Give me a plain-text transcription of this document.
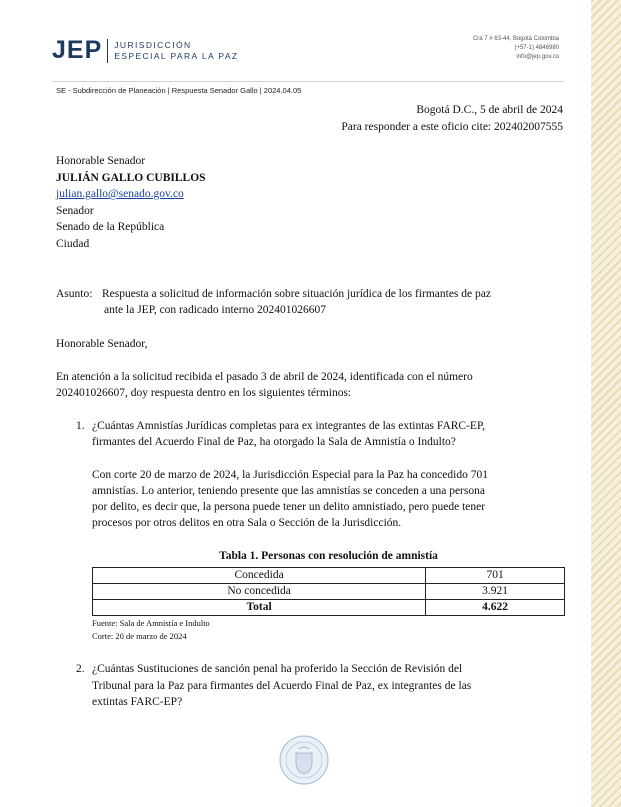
JEP JURISDICCIÓN
ESPECIAL PARA LA PAZ
Cra 7 # 63-44, Bogotá Colombia
(+57-1) 4846980
info@jep.gov.co
SE - Subdirección de Planeación | Respuesta Senador Gallo | 2024.04.05
Bogotá D.C., 5 de abril de 2024
Para responder a este oficio cite: 202402007555
Honorable Senador
JULIÁN GALLO CUBILLOS
julian.gallo@senado.gov.co
Senador
Senado de la República
Ciudad
Asunto: Respuesta a solicitud de información sobre situación jurídica de los firmantes de paz
ante la JEP, con radicado interno 202401026607
Honorable Senador,
En atención a la solicitud recibida el pasado 3 de abril de 2024, identificada con el número
202401026607, doy respuesta dentro en los siguientes términos:
1. ¿Cuántas Amnistías Jurídicas completas para ex integrantes de las extintas FARC-EP,
firmantes del Acuerdo Final de Paz, ha otorgado la Sala de Amnistía o Indulto?
Con corte 20 de marzo de 2024, la Jurisdicción Especial para la Paz ha concedido 701
amnistías. Lo anterior, teniendo presente que las amnistías se conceden a una persona
por delito, es decir que, la persona puede tener un delito amnistiado, pero puede tener
procesos por otros delitos en otra Sala o Sección de la Jurisdicción.
Tabla 1. Personas con resolución de amnistía
Concedida	701
No concedida	3.921
Total	4.622
Fuente: Sala de Amnistía e Indulto
Corte: 20 de marzo de 2024
2. ¿Cuántas Sustituciones de sanción penal ha proferido la Sección de Revisión del
Tribunal para la Paz para firmantes del Acuerdo Final de Paz, ex integrantes de las
extintas FARC-EP?
